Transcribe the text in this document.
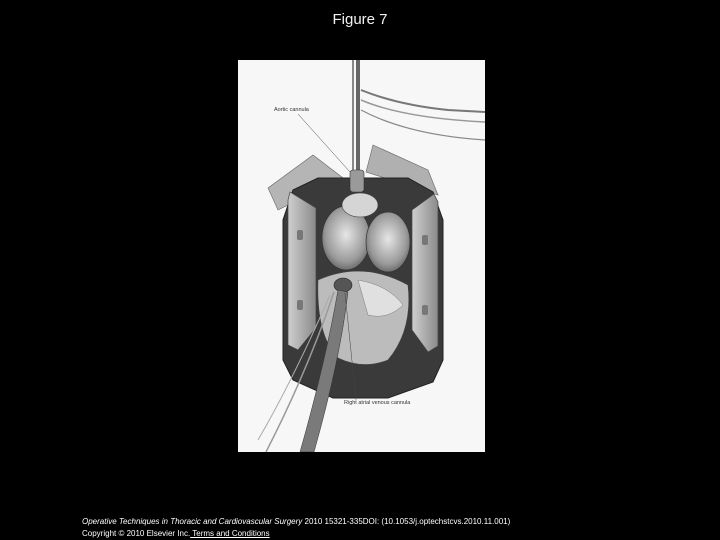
Figure 7
Aortic cannula
Right atrial venous cannula
Operative Techniques in Thoracic and Cardiovascular Surgery 2010 15321-335DOI: (10.1053/j.optechstcvs.2010.11.001)
Copyright © 2010 Elsevier Inc. Terms and Conditions
